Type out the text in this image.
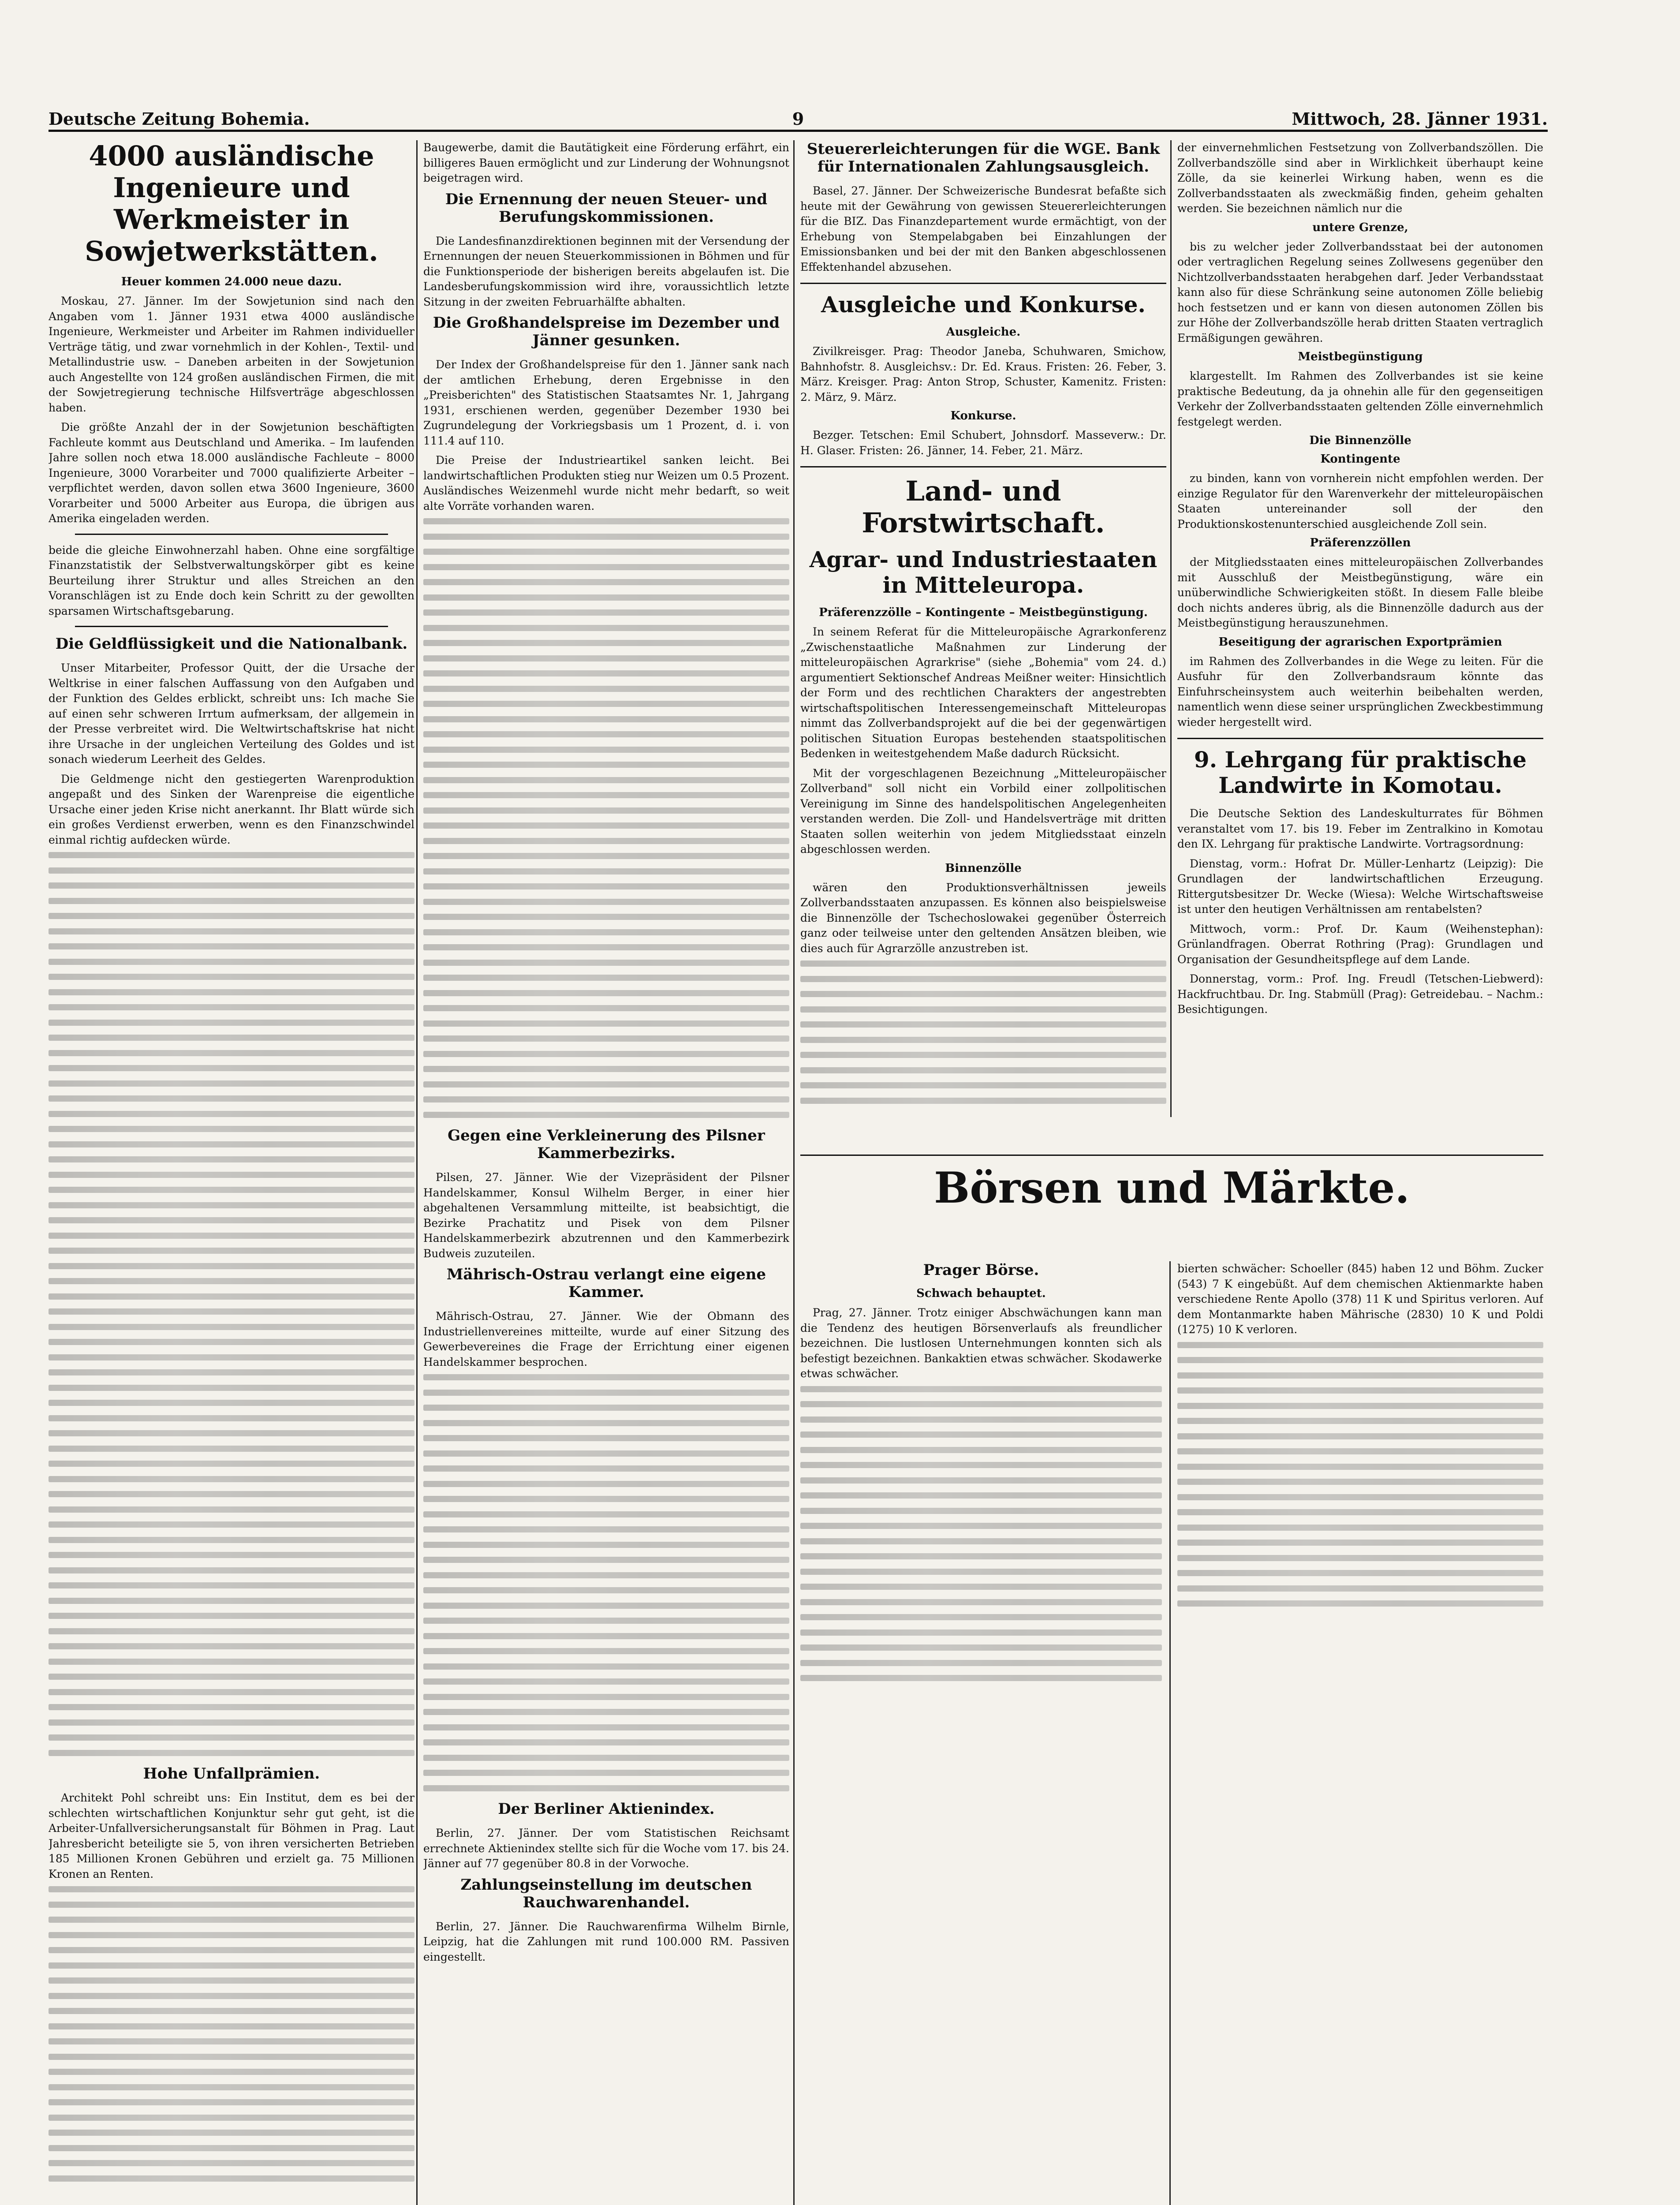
Deutsche Zeitung Bohemia.	9	Mittwoch, 28. Jänner 1931.
4000 ausländische Ingenieure und Werkmeister in Sowjetwerkstätten.
Heuer kommen 24.000 neue dazu.

Moskau, 27. Jänner. Im der Sowjetunion sind nach den Angaben vom 1. Jänner 1931 etwa 4000 ausländische Ingenieure, Werkmeister und Arbeiter im Rahmen individueller Verträge tätig, und zwar vornehmlich in der Kohlen-, Textil- und Metallindustrie usw. – Daneben arbeiten in der Sowjetunion auch Angestellte von 124 großen ausländischen Firmen, die mit der Sowjetregierung technische Hilfsverträge abgeschlossen haben.

Die größte Anzahl der in der Sowjetunion beschäftigten Fachleute kommt aus Deutschland und Amerika. – Im laufenden Jahre sollen noch etwa 18.000 ausländische Fachleute – 8000 Ingenieure, 3000 Vorarbeiter und 7000 qualifizierte Arbeiter – verpflichtet werden, davon sollen etwa 3600 Ingenieure, 3600 Vorarbeiter und 5000 Arbeiter aus Europa, die übrigen aus Amerika eingeladen werden.

beide die gleiche Einwohnerzahl haben. Ohne eine sorgfältige Finanzstatistik der Selbstverwaltungskörper gibt es keine Beurteilung ihrer Struktur und alles Streichen an den Voranschlägen ist zu Ende doch kein Schritt zu der gewollten sparsamen Wirtschaftsgebarung.

Die Geldflüssigkeit und die Nationalbank.

Unser Mitarbeiter, Professor Quitt, der die Ursache der Weltkrise in einer falschen Auffassung von den Aufgaben und der Funktion des Geldes erblickt, schreibt uns: Ich mache Sie auf einen sehr schweren Irrtum aufmerksam, der allgemein in der Presse verbreitet wird. Die Weltwirtschaftskrise hat nicht ihre Ursache in der ungleichen Verteilung des Goldes und ist sonach wiederum Leerheit des Geldes.

Die Geldmenge nicht den gestiegerten Warenproduktion angepaßt und des Sinken der Warenpreise die eigentliche Ursache einer jeden Krise nicht anerkannt. Ihr Blatt würde sich ein großes Verdienst erwerben, wenn es den Finanzschwindel einmal richtig aufdecken würde.

Hohe Unfallprämien.

Architekt Pohl schreibt uns: Ein Institut, dem es bei der schlechten wirtschaftlichen Konjunktur sehr gut geht, ist die Arbeiter-Unfallversicherungsanstalt für Böhmen in Prag. Laut Jahresbericht beteiligte sie 5, von ihren versicherten Betrieben 185 Millionen Kronen Gebühren und erzielt ga. 75 Millionen Kronen an Renten.

Baugewerbe, damit die Bautätigkeit eine Förderung erfährt, ein billigeres Bauen ermöglicht und zur Linderung der Wohnungsnot beigetragen wird.

Die Ernennung der neuen Steuer- und Berufungskommissionen.

Die Landesfinanzdirektionen beginnen mit der Versendung der Ernennungen der neuen Steuerkommissionen in Böhmen und für die Funktionsperiode der bisherigen bereits abgelaufen ist. Die Landesberufungskommission wird ihre, voraussichtlich letzte Sitzung in der zweiten Februarhälfte abhalten.

Die Großhandelspreise im Dezember und Jänner gesunken.

Der Index der Großhandelspreise für den 1. Jänner sank nach der amtlichen Erhebung, deren Ergebnisse in den „Preisberichten" des Statistischen Staatsamtes Nr. 1, Jahrgang 1931, erschienen werden, gegenüber Dezember 1930 bei Zugrundelegung der Vorkriegsbasis um 1 Prozent, d. i. von 111.4 auf 110.

Die Preise der Industrieartikel sanken leicht. Bei landwirtschaftlichen Produkten stieg nur Weizen um 0.5 Prozent. Ausländisches Weizenmehl wurde nicht mehr bedarft, so weit alte Vorräte vorhanden waren.

Gegen eine Verkleinerung des Pilsner Kammerbezirks.

Pilsen, 27. Jänner. Wie der Vizepräsident der Pilsner Handelskammer, Konsul Wilhelm Berger, in einer hier abgehaltenen Versammlung mitteilte, ist beabsichtigt, die Bezirke Prachatitz und Pisek von dem Pilsner Handelskammerbezirk abzutrennen und den Kammerbezirk Budweis zuzuteilen.

Mährisch-Ostrau verlangt eine eigene Kammer.

Mährisch-Ostrau, 27. Jänner. Wie der Obmann des Industriellenvereines mitteilte, wurde auf einer Sitzung des Gewerbevereines die Frage der Errichtung einer eigenen Handelskammer besprochen.

Der Berliner Aktienindex.

Berlin, 27. Jänner. Der vom Statistischen Reichsamt errechnete Aktienindex stellte sich für die Woche vom 17. bis 24. Jänner auf 77 gegenüber 80.8 in der Vorwoche.

Zahlungseinstellung im deutschen Rauchwarenhandel.

Berlin, 27. Jänner. Die Rauchwarenfirma Wilhelm Birnle, Leipzig, hat die Zahlungen mit rund 100.000 RM. Passiven eingestellt.

Steuererleichterungen für die WGE. Bank für Internationalen Zahlungsausgleich.

Basel, 27. Jänner. Der Schweizerische Bundesrat befaßte sich heute mit der Gewährung von gewissen Steuererleichterungen für die BIZ. Das Finanzdepartement wurde ermächtigt, von der Erhebung von Stempelabgaben bei Einzahlungen der Emissionsbanken und bei der mit den Banken abgeschlossenen Effektenhandel abzusehen.

Ausgleiche und Konkurse.
Ausgleiche.

Zivilkreisger. Prag: Theodor Janeba, Schuhwaren, Smichow, Bahnhofstr. 8. Ausgleichsv.: Dr. Ed. Kraus. Fristen: 26. Feber, 3. März. Kreisger. Prag: Anton Strop, Schuster, Kamenitz. Fristen: 2. März, 9. März.

Konkurse.

Bezger. Tetschen: Emil Schubert, Johnsdorf. Masseverw.: Dr. H. Glaser. Fristen: 26. Jänner, 14. Feber, 21. März.

Land- und Forstwirtschaft.
Agrar- und Industriestaaten in Mitteleuropa.
Präferenzzölle – Kontingente – Meistbegünstigung.

In seinem Referat für die Mitteleuropäische Agrarkonferenz „Zwischenstaatliche Maßnahmen zur Linderung der mitteleuropäischen Agrarkrise" (siehe „Bohemia" vom 24. d.) argumentiert Sektionschef Andreas Meißner weiter: Hinsichtlich der Form und des rechtlichen Charakters der angestrebten wirtschaftspolitischen Interessengemeinschaft Mitteleuropas nimmt das Zollverbandsprojekt auf die bei der gegenwärtigen politischen Situation Europas bestehenden staatspolitischen Bedenken in weitestgehendem Maße dadurch Rücksicht.

Mit der vorgeschlagenen Bezeichnung „Mitteleuropäischer Zollverband" soll nicht ein Vorbild einer zollpolitischen Vereinigung im Sinne des handelspolitischen Angelegenheiten verstanden werden. Die Zoll- und Handelsverträge mit dritten Staaten sollen weiterhin von jedem Mitgliedsstaat einzeln abgeschlossen werden.

Binnenzölle

wären den Produktionsverhältnissen jeweils Zollverbandsstaaten anzupassen. Es können also beispielsweise die Binnenzölle der Tschechoslowakei gegenüber Österreich ganz oder teilweise unter den geltenden Ansätzen bleiben, wie dies auch für Agrarzölle anzustreben ist.

der einvernehmlichen Festsetzung von Zollverbandszöllen. Die Zollverbandszölle sind aber in Wirklichkeit überhaupt keine Zölle, da sie keinerlei Wirkung haben, wenn es die Zollverbandsstaaten als zweckmäßig finden, geheim gehalten werden. Sie bezeichnen nämlich nur die

untere Grenze,

bis zu welcher jeder Zollverbandsstaat bei der autonomen oder vertraglichen Regelung seines Zollwesens gegenüber den Nichtzollverbandsstaaten herabgehen darf. Jeder Verbandsstaat kann also für diese Schränkung seine autonomen Zölle beliebig hoch festsetzen und er kann von diesen autonomen Zöllen bis zur Höhe der Zollverbandszölle herab dritten Staaten vertraglich Ermäßigungen gewähren.

Meistbegünstigung

klargestellt. Im Rahmen des Zollverbandes ist sie keine praktische Bedeutung, da ja ohnehin alle für den gegenseitigen Verkehr der Zollverbandsstaaten geltenden Zölle einvernehmlich festgelegt werden.

Die Binnenzölle
Kontingente

zu binden, kann von vornherein nicht empfohlen werden. Der einzige Regulator für den Warenverkehr der mitteleuropäischen Staaten untereinander soll der den Produktionskostenunterschied ausgleichende Zoll sein.

Präferenzzöllen

der Mitgliedsstaaten eines mitteleuropäischen Zollverbandes mit Ausschluß der Meistbegünstigung, wäre ein unüberwindliche Schwierigkeiten stößt. In diesem Falle bleibe doch nichts anderes übrig, als die Binnenzölle dadurch aus der Meistbegünstigung herauszunehmen.

Beseitigung der agrarischen Exportprämien

im Rahmen des Zollverbandes in die Wege zu leiten. Für die Ausfuhr für den Zollverbandsraum könnte das Einfuhrscheinsystem auch weiterhin beibehalten werden, namentlich wenn diese seiner ursprünglichen Zweckbestimmung wieder hergestellt wird.

9. Lehrgang für praktische Landwirte in Komotau.

Die Deutsche Sektion des Landeskulturrates für Böhmen veranstaltet vom 17. bis 19. Feber im Zentralkino in Komotau den IX. Lehrgang für praktische Landwirte. Vortragsordnung:

Dienstag, vorm.: Hofrat Dr. Müller-Lenhartz (Leipzig): Die Grundlagen der landwirtschaftlichen Erzeugung. Rittergutsbesitzer Dr. Wecke (Wiesa): Welche Wirtschaftsweise ist unter den heutigen Verhältnissen am rentabelsten?

Mittwoch, vorm.: Prof. Dr. Kaum (Weihenstephan): Grünlandfragen. Oberrat Rothring (Prag): Grundlagen und Organisation der Gesundheitspflege auf dem Lande.

Donnerstag, vorm.: Prof. Ing. Freudl (Tetschen-Liebwerd): Hackfruchtbau. Dr. Ing. Stabmüll (Prag): Getreidebau. – Nachm.: Besichtigungen.

Börsen und Märkte.
Prager Börse.
Schwach behauptet.

Prag, 27. Jänner. Trotz einiger Abschwächungen kann man die Tendenz des heutigen Börsenverlaufs als freundlicher bezeichnen. Die lustlosen Unternehmungen konnten sich als befestigt bezeichnen. Bankaktien etwas schwächer. Skodawerke etwas schwächer.

bierten schwächer: Schoeller (845) haben 12 und Böhm. Zucker (543) 7 K eingebüßt. Auf dem chemischen Aktienmarkte haben verschiedene Rente Apollo (378) 11 K und Spiritus verloren. Auf dem Montanmarkte haben Mährische (2830) 10 K und Poldi (1275) 10 K verloren.
